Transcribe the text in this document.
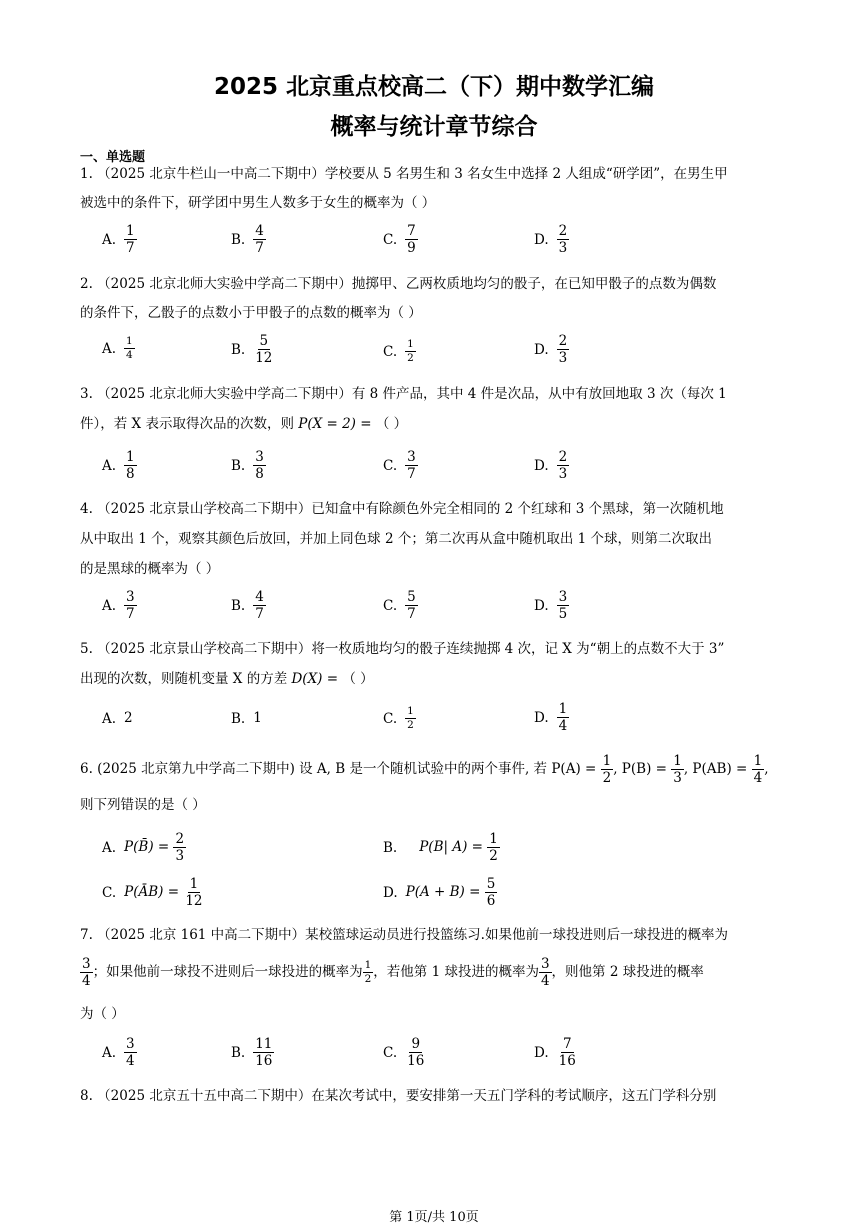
2025 北京重点校高二（下）期中数学汇编
概率与统计章节综合
一、单选题
1. （2025 北京牛栏山一中高二下期中）学校要从 5 名男生和 3 名女生中选择 2 人组成“研学团”，在男生甲
被选中的条件下，研学团中男生人数多于女生的概率为（ ）
A. $\frac{1}{7}$	B. $\frac{4}{7}$	C. $\frac{7}{9}$	D. $\frac{2}{3}$
2. （2025 北京北师大实验中学高二下期中）抛掷甲、乙两枚质地均匀的骰子，在已知甲骰子的点数为偶数
的条件下，乙骰子的点数小于甲骰子的点数的概率为（ ）
A. $\frac{1}{4}$	B. $\frac{5}{12}$	C. $\frac{1}{2}$	D. $\frac{2}{3}$
3. （2025 北京北师大实验中学高二下期中）有 8 件产品，其中 4 件是次品，从中有放回地取 3 次（每次 1
件），若 X 表示取得次品的次数，则 P(X = 2) = （ ）
A. $\frac{1}{8}$	B. $\frac{3}{8}$	C. $\frac{3}{7}$	D. $\frac{2}{3}$
4. （2025 北京景山学校高二下期中）已知盒中有除颜色外完全相同的 2 个红球和 3 个黑球，第一次随机地
从中取出 1 个，观察其颜色后放回，并加上同色球 2 个；第二次再从盒中随机取出 1 个球，则第二次取出
的是黑球的概率为（ ）
A. $\frac{3}{7}$	B. $\frac{4}{7}$	C. $\frac{5}{7}$	D. $\frac{3}{5}$
5. （2025 北京景山学校高二下期中）将一枚质地均匀的骰子连续抛掷 4 次，记 X 为“朝上的点数不大于 3”
出现的次数，则随机变量 X 的方差 D(X) = （ ）
A. 2	B. 1	C. $\frac{1}{2}$	D. $\frac{1}{4}$
6. (2025 北京第九中学高二下期中) 设 A, B 是一个随机试验中的两个事件, 若 $P(A) = \frac{1}{2}$ , $P(B) = \frac{1}{3}$ , $P(AB) = \frac{1}{4}$ ,
则下列错误的是（ ）
A. P(B̄) = $\frac{2}{3}$	B. P(B| $A) = \frac{1}{2}$
C. P(ĀB) = $\frac{1}{12}$	D. $P(A + B) = \frac{5}{6}$
7. （2025 北京 161 中高二下期中）某校篮球运动员进行投篮练习.如果他前一球投进则后一球投进的概率为
$\frac{3}{4}$ ；如果他前一球投不进则后一球投进的概率为 $\frac{1}{2}$ ，若他第 1 球投进的概率为 $\frac{3}{4}$ ，则他第 2 球投进的概率
为（ ）
A. $\frac{3}{4}$	B. $\frac{11}{16}$	C. $\frac{9}{16}$	D. $\frac{7}{16}$
8. （2025 北京五十五中高二下期中）在某次考试中，要安排第一天五门学科的考试顺序，这五门学科分别
第 1页/共 10页
